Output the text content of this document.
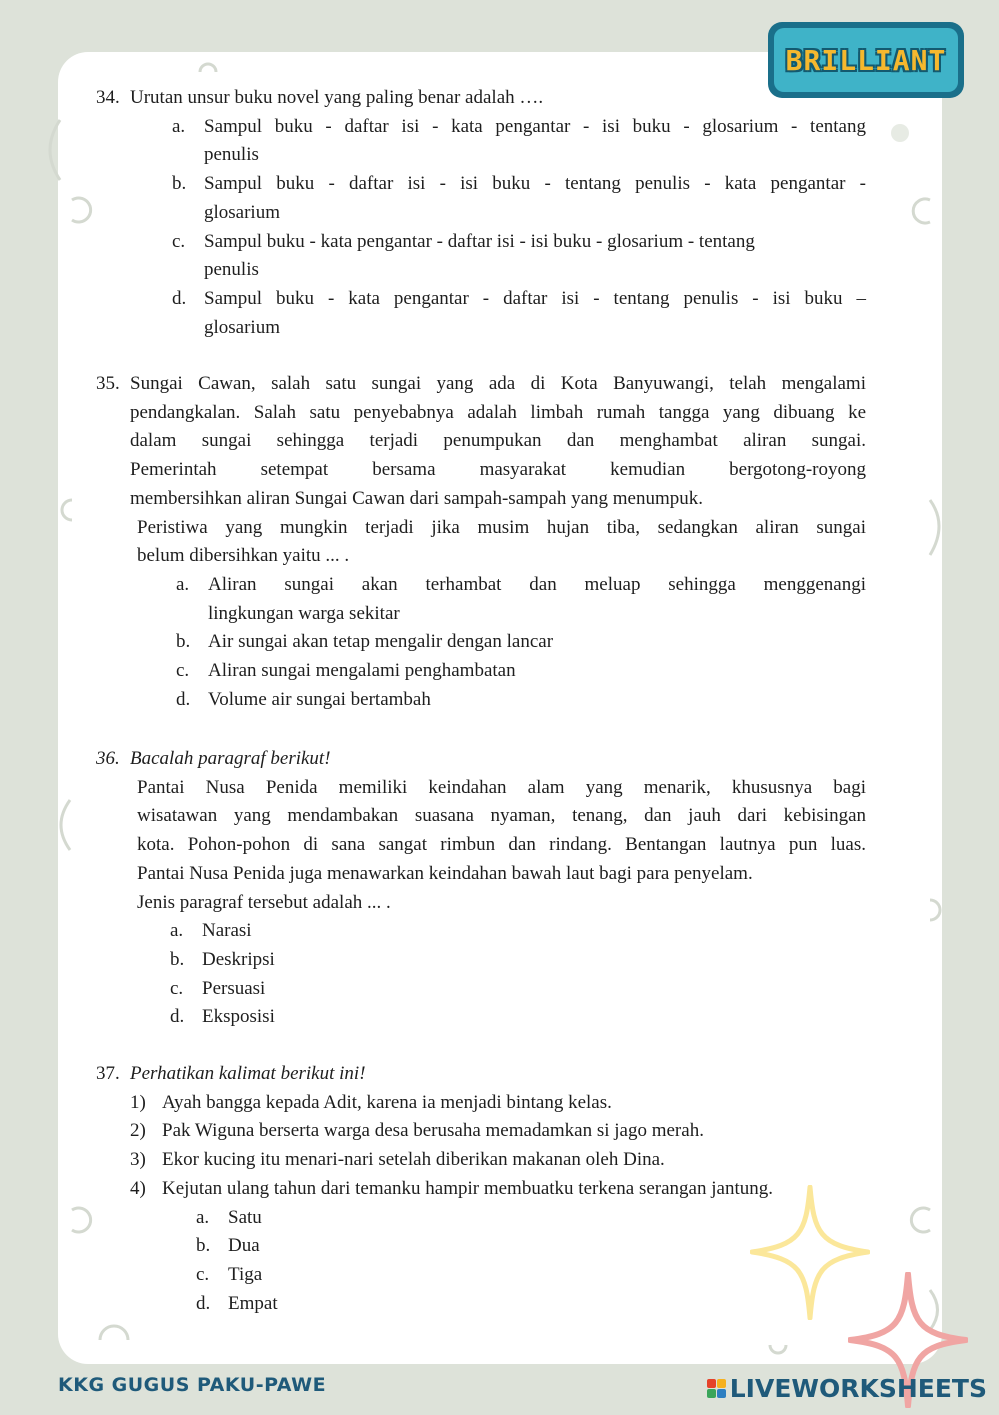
BRILLIANT
34. Urutan unsur buku novel yang paling benar adalah ….
a. Sampul buku - daftar isi - kata pengantar - isi buku - glosarium - tentang
penulis
b. Sampul buku - daftar isi - isi buku - tentang penulis - kata pengantar -
glosarium
c. Sampul buku - kata pengantar - daftar isi - isi buku - glosarium - tentang
penulis
d. Sampul buku - kata pengantar - daftar isi - tentang penulis - isi buku –
glosarium
35. Sungai Cawan, salah satu sungai yang ada di Kota Banyuwangi, telah mengalami
pendangkalan. Salah satu penyebabnya adalah limbah rumah tangga yang dibuang ke
dalam sungai sehingga terjadi penumpukan dan menghambat aliran sungai.
Pemerintah setempat bersama masyarakat kemudian bergotong-royong
membersihkan aliran Sungai Cawan dari sampah-sampah yang menumpuk.
Peristiwa yang mungkin terjadi jika musim hujan tiba, sedangkan aliran sungai
belum dibersihkan yaitu ... .
a. Aliran sungai akan terhambat dan meluap sehingga menggenangi
lingkungan warga sekitar
b. Air sungai akan tetap mengalir dengan lancar
c. Aliran sungai mengalami penghambatan
d. Volume air sungai bertambah
36. Bacalah paragraf berikut!
Pantai Nusa Penida memiliki keindahan alam yang menarik, khususnya bagi
wisatawan yang mendambakan suasana nyaman, tenang, dan jauh dari kebisingan
kota. Pohon-pohon di sana sangat rimbun dan rindang. Bentangan lautnya pun luas.
Pantai Nusa Penida juga menawarkan keindahan bawah laut bagi para penyelam.
Jenis paragraf tersebut adalah ... .
a. Narasi
b. Deskripsi
c. Persuasi
d. Eksposisi
37. Perhatikan kalimat berikut ini!
1) Ayah bangga kepada Adit, karena ia menjadi bintang kelas.
2) Pak Wiguna berserta warga desa berusaha memadamkan si jago merah.
3) Ekor kucing itu menari-nari setelah diberikan makanan oleh Dina.
4) Kejutan ulang tahun dari temanku hampir membuatku terkena serangan jantung.
a. Satu
b. Dua
c. Tiga
d. Empat
KKG GUGUS PAKU-PAWE	LIVEWORKSHEETS
